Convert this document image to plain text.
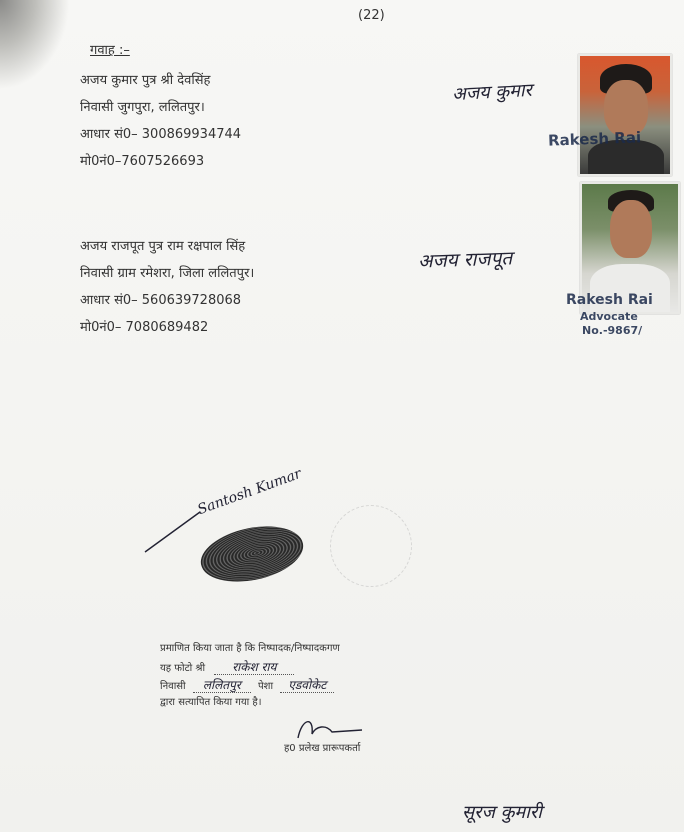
(22)
गवाह :–
अजय कुमार पुत्र श्री देवसिंह
निवासी जुगपुरा, ललितपुर।
आधार सं0– 300869934744
मो0नं0–7607526693
अजय कुमार
Rakesh Rai
अजय राजपूत पुत्र राम रक्षपाल सिंह
निवासी ग्राम रमेशरा, जिला ललितपुर।
आधार सं0– 560639728068
मो0नं0– 7080689482
अजय राजपूत
Rakesh Rai
Advocate
No.-9867/
Santosh Kumar
प्रमाणित किया जाता है कि निष्पादक/निष्पादकगण
यह फोटो श्री राकेश राय
निवासी ललितपुर पेशा एडवोकेट
द्वारा सत्यापित किया गया है।
ह0 प्रलेख प्रारूपकर्ता
सूरज कुमारी
